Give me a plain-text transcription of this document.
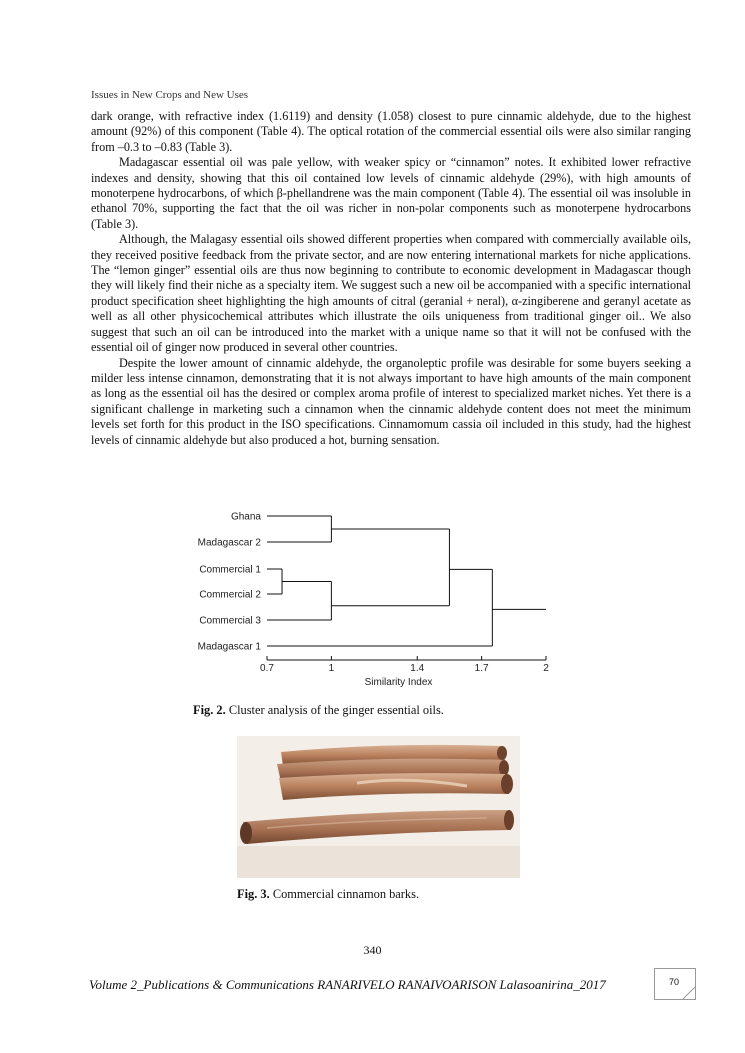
Issues in New Crops and New Uses

dark orange, with refractive index (1.6119) and density (1.058) closest to pure cinnamic aldehyde, due to the highest amount (92%) of this component (Table 4). The optical rotation of the commercial essential oils were also similar ranging from –0.3 to –0.83 (Table 3).

Madagascar essential oil was pale yellow, with weaker spicy or “cinnamon” notes. It exhibited lower refractive indexes and density, showing that this oil contained low levels of cinnamic aldehyde (29%), with high amounts of monoterpene hydrocarbons, of which β-phellandrene was the main component (Table 4). The essential oil was insoluble in ethanol 70%, supporting the fact that the oil was richer in non-polar components such as monoterpene hydrocarbons (Table 3).

Although, the Malagasy essential oils showed different properties when compared with commercially available oils, they received positive feedback from the private sector, and are now entering international markets for niche applications. The “lemon ginger” essential oils are thus now beginning to contribute to economic development in Madagascar though they will likely find their niche as a specialty item. We suggest such a new oil be accompanied with a specific international product specification sheet highlighting the high amounts of citral (geranial + neral), α-zingiberene and geranyl acetate as well as all other physicochemical attributes which illustrate the oils uniqueness from traditional ginger oil.. We also suggest that such an oil can be introduced into the market with a unique name so that it will not be confused with the essential oil of ginger now produced in several other countries.

Despite the lower amount of cinnamic aldehyde, the organoleptic profile was desirable for some buyers seeking a milder less intense cinnamon, demonstrating that it is not always important to have high amounts of the main component as long as the essential oil has the desired or complex aroma profile of interest to specialized market niches. Yet there is a significant challenge in marketing such a cinnamon when the cinnamic aldehyde content does not meet the minimum levels set forth for this product in the ISO specifications. Cinnamomum cassia oil included in this study, had the highest levels of cinnamic aldehyde but also produced a hot, burning sensation.

Ghana
Madagascar 2
Commercial 1
Commercial 2
Commercial 3
Madagascar 1
0.7	1	1.4	1.7	2
Similarity Index
Fig. 2. Cluster analysis of the ginger essential oils.
Fig. 3. Commercial cinnamon barks.
340
Volume 2_Publications & Communications RANARIVELO RANAIVOARISON Lalasoanirina_2017	70
